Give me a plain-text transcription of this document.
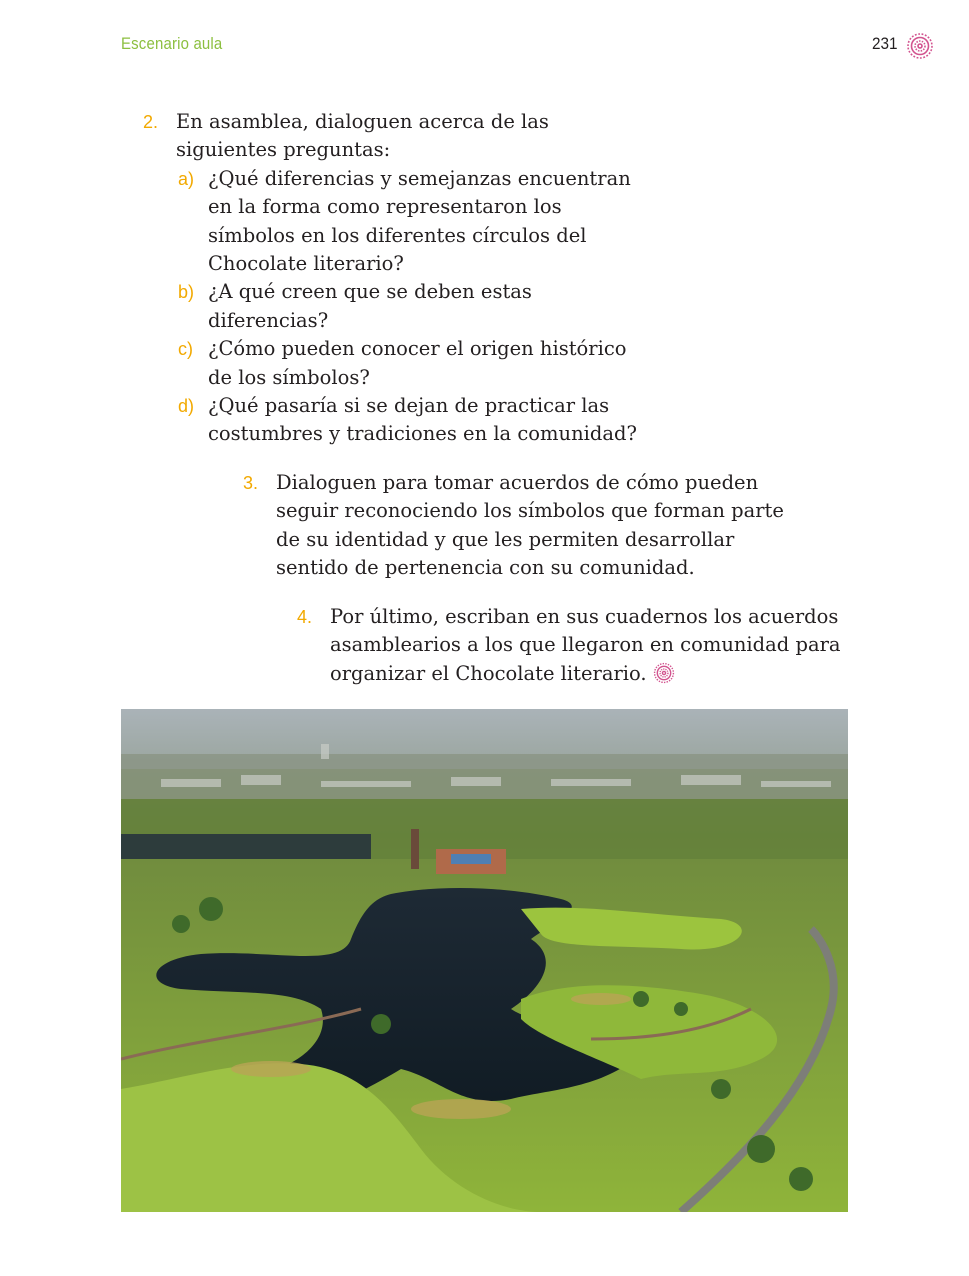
Escenario aula	231
2. En asamblea, dialoguen acerca de las
siguientes preguntas:
a) ¿Qué diferencias y semejanzas encuentran
en la forma como representaron los
símbolos en los diferentes círculos del
Chocolate literario?
b) ¿A qué creen que se deben estas
diferencias?
c) ¿Cómo pueden conocer el origen histórico
de los símbolos?
d) ¿Qué pasaría si se dejan de practicar las
costumbres y tradiciones en la comunidad?
3. Dialoguen para tomar acuerdos de cómo pueden
seguir reconociendo los símbolos que forman parte
de su identidad y que les permiten desarrollar
sentido de pertenencia con su comunidad.
4. Por último, escriban en sus cuadernos los acuerdos
asamblearios a los que llegaron en comunidad para
organizar el Chocolate literario.
